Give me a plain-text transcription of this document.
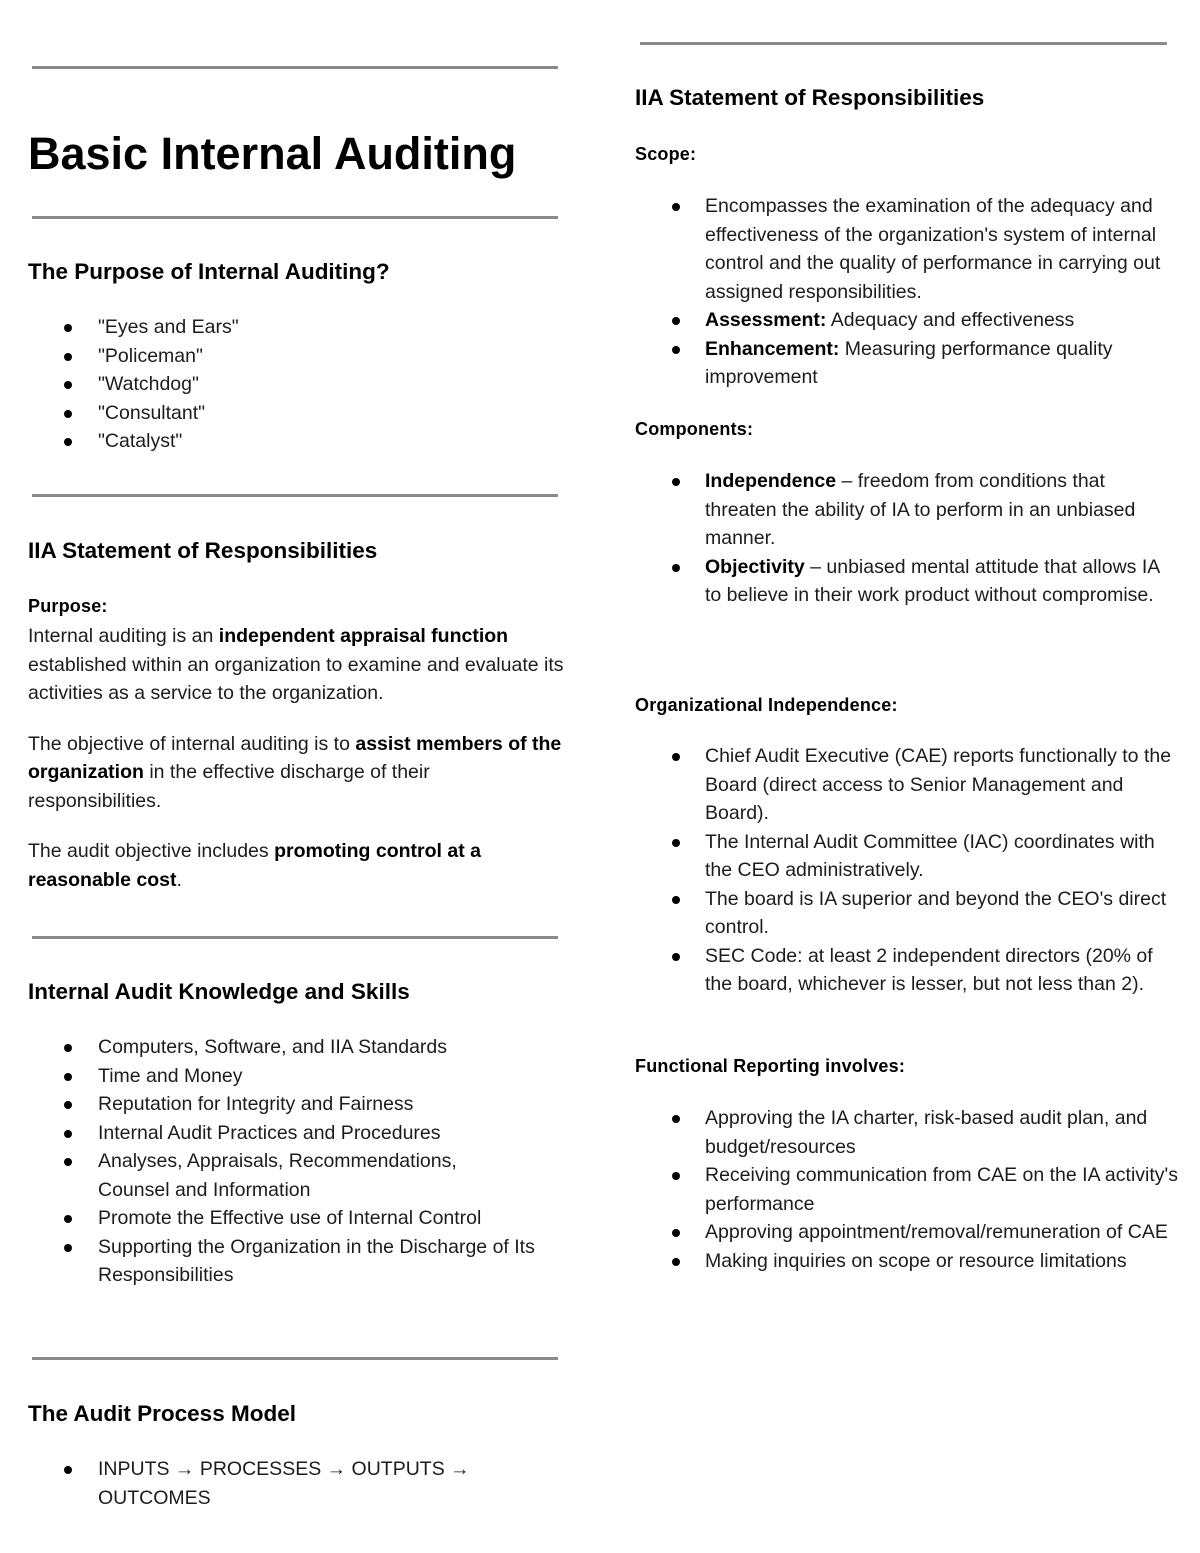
Basic Internal Auditing
The Purpose of Internal Auditing?
"Eyes and Ears"
"Policeman"
"Watchdog"
"Consultant"
"Catalyst"
IIA Statement of Responsibilities
Purpose:

Internal auditing is an independent appraisal function established within an organization to examine and evaluate its activities as a service to the organization.

The objective of internal auditing is to assist members of the organization in the effective discharge of their responsibilities.

The audit objective includes promoting control at a reasonable cost.

Internal Audit Knowledge and Skills
Computers, Software, and IIA Standards
Time and Money
Reputation for Integrity and Fairness
Internal Audit Practices and Procedures
Analyses, Appraisals, Recommendations, Counsel and Information
Promote the Effective use of Internal Control
Supporting the Organization in the Discharge of Its Responsibilities
The Audit Process Model
INPUTS → PROCESSES → OUTPUTS → OUTCOMES
IIA Statement of Responsibilities
Scope:
Encompasses the examination of the adequacy and effectiveness of the organization's system of internal control and the quality of performance in carrying out assigned responsibilities.
Assessment: Adequacy and effectiveness
Enhancement: Measuring performance quality improvement
Components:
Independence – freedom from conditions that threaten the ability of IA to perform in an unbiased manner.
Objectivity – unbiased mental attitude that allows IA to believe in their work product without compromise.
Organizational Independence:
Chief Audit Executive (CAE) reports functionally to the Board (direct access to Senior Management and Board).
The Internal Audit Committee (IAC) coordinates with the CEO administratively.
The board is IA superior and beyond the CEO's direct control.
SEC Code: at least 2 independent directors (20% of the board, whichever is lesser, but not less than 2).
Functional Reporting involves:
Approving the IA charter, risk-based audit plan, and budget/resources
Receiving communication from CAE on the IA activity's performance
Approving appointment/removal/remuneration of CAE
Making inquiries on scope or resource limitations
